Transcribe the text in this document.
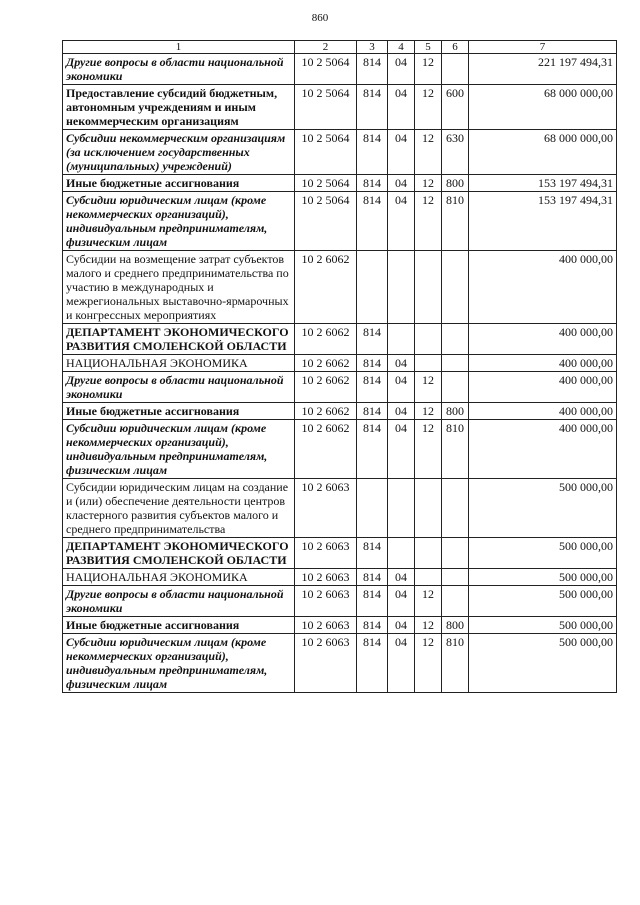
860
1	2	3	4	5	6	7
Другие вопросы в области национальной экономики	10 2 5064	814	04	12		221 197 494,31
Предоставление субсидий бюджетным, автономным учреждениям и иным некоммерческим организациям	10 2 5064	814	04	12	600	68 000 000,00
Субсидии некоммерческим организациям (за исключением государственных (муниципальных) учреждений)	10 2 5064	814	04	12	630	68 000 000,00
Иные бюджетные ассигнования	10 2 5064	814	04	12	800	153 197 494,31
Субсидии юридическим лицам (кроме некоммерческих организаций), индивидуальным предпринимателям, физическим лицам	10 2 5064	814	04	12	810	153 197 494,31
Субсидии на возмещение затрат субъектов малого и среднего предпринимательства по участию в международных и межрегиональных выставочно-ярмарочных и конгрессных мероприятиях	10 2 6062					400 000,00
ДЕПАРТАМЕНТ ЭКОНОМИЧЕСКОГО РАЗВИТИЯ СМОЛЕНСКОЙ ОБЛАСТИ	10 2 6062	814				400 000,00
НАЦИОНАЛЬНАЯ ЭКОНОМИКА	10 2 6062	814	04			400 000,00
Другие вопросы в области национальной экономики	10 2 6062	814	04	12		400 000,00
Иные бюджетные ассигнования	10 2 6062	814	04	12	800	400 000,00
Субсидии юридическим лицам (кроме некоммерческих организаций), индивидуальным предпринимателям, физическим лицам	10 2 6062	814	04	12	810	400 000,00
Субсидии юридическим лицам на создание и (или) обеспечение деятельности центров кластерного развития субъектов малого и среднего предпринимательства	10 2 6063					500 000,00
ДЕПАРТАМЕНТ ЭКОНОМИЧЕСКОГО РАЗВИТИЯ СМОЛЕНСКОЙ ОБЛАСТИ	10 2 6063	814				500 000,00
НАЦИОНАЛЬНАЯ ЭКОНОМИКА	10 2 6063	814	04			500 000,00
Другие вопросы в области национальной экономики	10 2 6063	814	04	12		500 000,00
Иные бюджетные ассигнования	10 2 6063	814	04	12	800	500 000,00
Субсидии юридическим лицам (кроме некоммерческих организаций), индивидуальным предпринимателям, физическим лицам	10 2 6063	814	04	12	810	500 000,00
